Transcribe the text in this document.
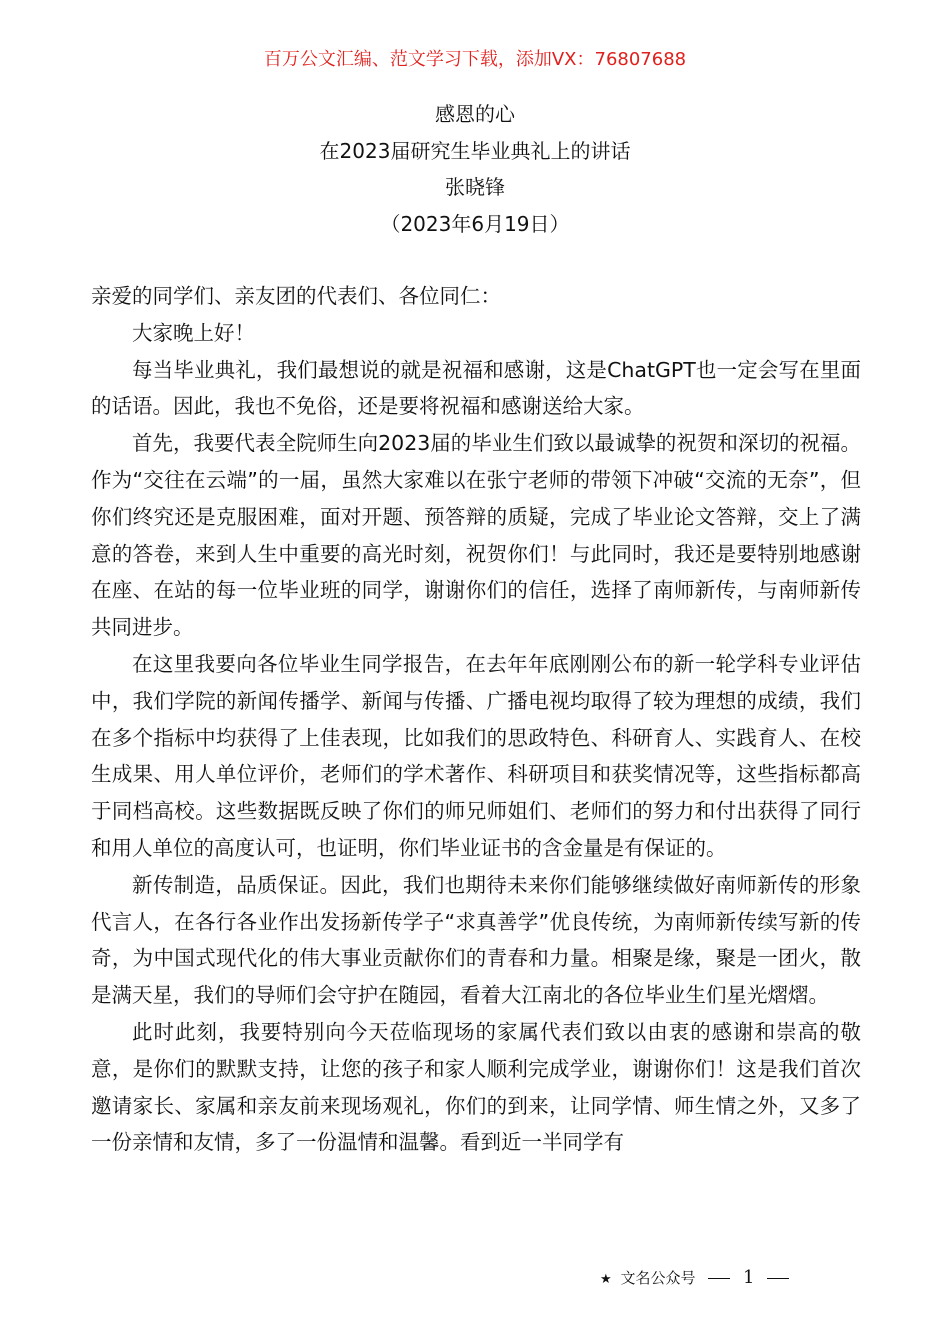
百万公文汇编、范文学习下载，添加VX：76807688
感恩的心
在2023届研究生毕业典礼上的讲话
张晓锋
（2023年6月19日）

亲爱的同学们、亲友团的代表们、各位同仁：

大家晚上好！

每当毕业典礼，我们最想说的就是祝福和感谢，这是ChatGPT也一定会写在里面的话语。因此，我也不免俗，还是要将祝福和感谢送给大家。

首先，我要代表全院师生向2023届的毕业生们致以最诚挚的祝贺和深切的祝福。作为“交往在云端”的一届，虽然大家难以在张宁老师的带领下冲破“交流的无奈”，但你们终究还是克服困难，面对开题、预答辩的质疑，完成了毕业论文答辩，交上了满意的答卷，来到人生中重要的高光时刻，祝贺你们！与此同时，我还是要特别地感谢在座、在站的每一位毕业班的同学，谢谢你们的信任，选择了南师新传，与南师新传共同进步。

在这里我要向各位毕业生同学报告，在去年年底刚刚公布的新一轮学科专业评估中，我们学院的新闻传播学、新闻与传播、广播电视均取得了较为理想的成绩，我们在多个指标中均获得了上佳表现，比如我们的思政特色、科研育人、实践育人、在校生成果、用人单位评价，老师们的学术著作、科研项目和获奖情况等，这些指标都高于同档高校。这些数据既反映了你们的师兄师姐们、老师们的努力和付出获得了同行和用人单位的高度认可，也证明，你们毕业证书的含金量是有保证的。

新传制造，品质保证。因此，我们也期待未来你们能够继续做好南师新传的形象代言人，在各行各业作出发扬新传学子“求真善学”优良传统，为南师新传续写新的传奇，为中国式现代化的伟大事业贡献你们的青春和力量。相聚是缘，聚是一团火，散是满天星，我们的导师们会守护在随园，看着大江南北的各位毕业生们星光熠熠。

此时此刻，我要特别向今天莅临现场的家属代表们致以由衷的感谢和崇高的敬意，是你们的默默支持，让您的孩子和家人顺利完成学业，谢谢你们！这是我们首次邀请家长、家属和亲友前来现场观礼，你们的到来，让同学情、师生情之外，又多了一份亲情和友情，多了一份温情和温馨。看到近一半同学有

★ 文名公众号	1
